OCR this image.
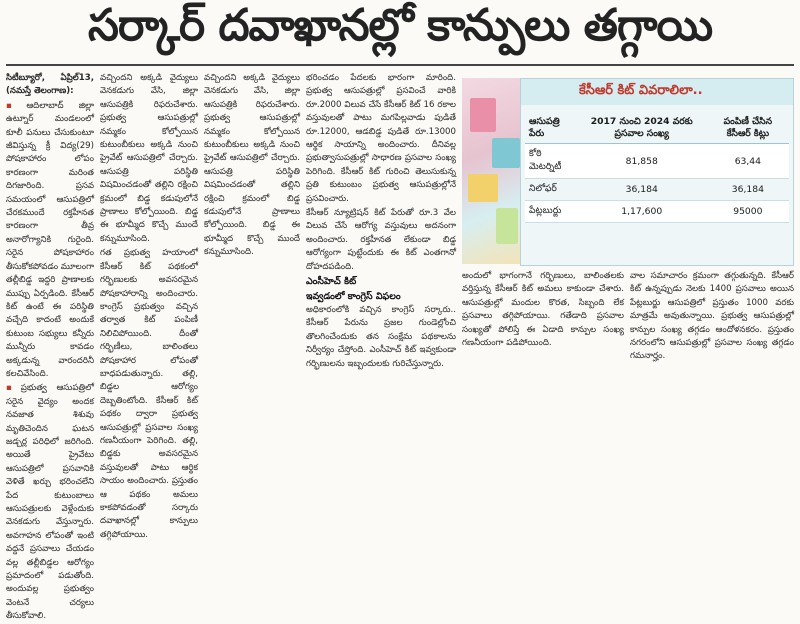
సర్కార్ దవాఖానల్లో కాన్పులు తగ్గాయి

సిటీబ్యూరో, ఏప్రిల్13, (నమస్తే తెలంగాణ):

▪ ఆదిలాబాద్ జిల్లా ఉట్నూర్ మండలంలో కూలీ పనులు చేసుకుంటూ జీవిస్తున్న క్రీ విద్య(29) పోషకాహారం లోపం కారణంగా మరింత దిగజారింది. ప్రసవ సమయంలో ఆసుపత్రిలో చేరకముందే రక్తహీనత కారణంగా తీవ్ర అనారోగ్యానికి గురైంది. సరైన పోషకాహారం తీసుకోకపోవడం మూలంగా తల్లీబిడ్డ ఇద్దరి ప్రాణాలకు ముప్పు ఏర్పడింది. కేసీఆర్ కిట్ ఉంటే ఈ పరిస్థితి వచ్చేది కాదంటే అందుకే కుటుంబ సభ్యులు కన్నీరు మున్నీరు కావడం అక్కడున్న వారందరినీ కలచివేసింది.

▪ ప్రభుత్వ ఆసుపత్రిలో సరైన వైద్యం అందక నవజాత శిశువు మృతిచెందిన ఘటన జడ్చర్ల పరిధిలో జరిగింది. అయితే ప్రైవేటు ఆసుపత్రిలో ప్రసవానికి వెళితే ఖర్చు భరించలేని పేద కుటుంబాలు ఆసుపత్రులకు వెళ్లేందుకు వెనకడుగు వేస్తున్నారు. అవగాహన లోపంతో ఇంటి వద్దనే ప్రసవాలు చేయడం వల్ల తల్లీబిడ్డల ఆరోగ్యం ప్రమాదంలో పడుతోంది. అందువల్ల ప్రభుత్వం వెంటనే చర్యలు తీసుకోవాలి.

వచ్చిందని అక్కడి వైద్యులు వెనకడుగు వేసి, జిల్లా ఆసుపత్రికి రిఫరుచేశారు. ప్రభుత్వ ఆసుపత్రుల్లో నమ్మకం కోల్పోయిన కుటుంబీకులు అక్కడి నుంచి ప్రైవేట్ ఆసుపత్రిలో చేర్చారు. ఆసుపత్రి పరిస్థితి విషమించడంతో తల్లిని రక్షించి క్రమంలో బిడ్డ కడుపులోనే ప్రాణాలు కోల్పోయింది. బిడ్డ ఈ భూమ్మీద కొచ్చే ముందే కన్నుమూసింది.

గత ప్రభుత్వ హయాంలో కేసీఆర్ కిట్ పథకంలో గర్భిణులకు అవసరమైన పోషకాహారాన్ని అందించారు. కాంగ్రెస్ ప్రభుత్వం వచ్చిన తర్వాత కిట్ పంపిణీ నిలిచిపోయింది. దీంతో గర్భిణీలు, బాలింతలు పోషకాహార లోపంతో బాధపడుతున్నారు. తల్లి, బిడ్డల ఆరోగ్యం దెబ్బతింటోంది. కేసీఆర్ కిట్ పథకం ద్వారా ప్రభుత్వ ఆసుపత్రుల్లో ప్రసవాల సంఖ్య గణనీయంగా పెరిగింది. తల్లి, బిడ్డకు అవసరమైన వస్తువులతో పాటు ఆర్థిక సాయం అందించారు. ప్రస్తుతం ఆ పథకం అమలు కాకపోవడంతో సర్కారు దవాఖానల్లో కాన్పులు తగ్గిపోయాయి.

వచ్చిందని అక్కడి వైద్యులు వెనకడుగు వేసి, జిల్లా ఆసుపత్రికి రిఫరుచేశారు. ప్రభుత్వ ఆసుపత్రుల్లో నమ్మకం కోల్పోయిన కుటుంబీకులు అక్కడి నుంచి ప్రైవేట్ ఆసుపత్రిలో చేర్చారు. ఆసుపత్రి పరిస్థితి విషమించడంతో తల్లిని రక్షించి క్రమంలో బిడ్డ కడుపులోనే ప్రాణాలు కోల్పోయింది. బిడ్డ ఈ భూమ్మీద కొచ్చే ముందే కన్నుమూసింది.

భరించడం పేదలకు భారంగా మారింది. ప్రభుత్వ ఆసుపత్రుల్లో ప్రసవించే వారికి రూ.2000 విలువ చేసే కేసీఆర్ కిట్ 16 రకాల వస్తువులతో పాటు మగపిల్లవాడు పుడితే రూ.12000, ఆడబిడ్డ పుడితే రూ.13000 ఆర్థిక సాయాన్ని అందించారు. దీనివల్ల ప్రభుత్వాసుపత్రుల్లో సాధారణ ప్రసవాల సంఖ్య పెరిగింది. కేసీఆర్ కిట్ గురించి తెలుసుకున్న ప్రతి కుటుంబం ప్రభుత్వ ఆసుపత్రుల్లోనే ప్రసవించారు.

కేసీఆర్ న్యూట్రిషన్ కిట్ పేరుతో రూ.3 వేల విలువ చేసే ఆరోగ్య వస్తువులు అదనంగా అందించారు. రక్తహీనత లేకుండా బిడ్డ ఆరోగ్యంగా పుట్టేందుకు ఈ కిట్ ఎంతగానో దోహదపడింది.

ఎంసీహెచ్ కిట్

ఇవ్వడంలో కాంగ్రెస్ విఫలం

అధికారంలోకి వచ్చిన కాంగ్రెస్ సర్కారు.. కేసీఆర్ పేరును ప్రజల గుండెల్లోంచి తొలగించేందుకు తన సంక్షేమ పథకాలను నిర్వీర్యం చేస్తోంది. ఎంసీహెచ్ కిట్ ఇవ్వకుండా గర్భిణులను ఇబ్బందులకు గురిచేస్తున్నారు.

కేసీఆర్ కిట్ వివరాలిలా..
ఆసుపత్రి పేరు	2017 నుంచి 2024 వరకు ప్రసవాల సంఖ్య	పంపిణీ చేసిన కేసీఆర్ కిట్లు
కోఠి మెటర్నిటీ	81,858	63,44
నిలోఫర్	36,184	36,184
పేట్లబుర్జు	1,17,600	95000

అందులో భాగంగానే గర్భిణులు, బాలింతలకు వర్తిస్తున్న కేసీఆర్ కిట్ అమలు కాకుండా చేశారు. ఆసుపత్రుల్లో మందుల కొరత, సిబ్బంది లేక ప్రసవాలు తగ్గిపోయాయి. గతేడాది ప్రసవాల సంఖ్యతో పోలిస్తే ఈ ఏడాది కాన్పుల సంఖ్య గణనీయంగా పడిపోయింది.

వాల సమాచారం క్రమంగా తగ్గుతున్నది. కేసీఆర్ కిట్ ఉన్నప్పుడు నెలకు 1400 ప్రసవాలు అయిన పేట్లబుర్జు ఆసుపత్రిలో ప్రస్తుతం 1000 వరకు మాత్రమే అవుతున్నాయి. ప్రభుత్వ ఆసుపత్రుల్లో కాన్పుల సంఖ్య తగ్గడం ఆందోళనకరం. ప్రస్తుతం నగరంలోని ఆసుపత్రుల్లో ప్రసవాల సంఖ్య తగ్గడం గమనార్హం.
